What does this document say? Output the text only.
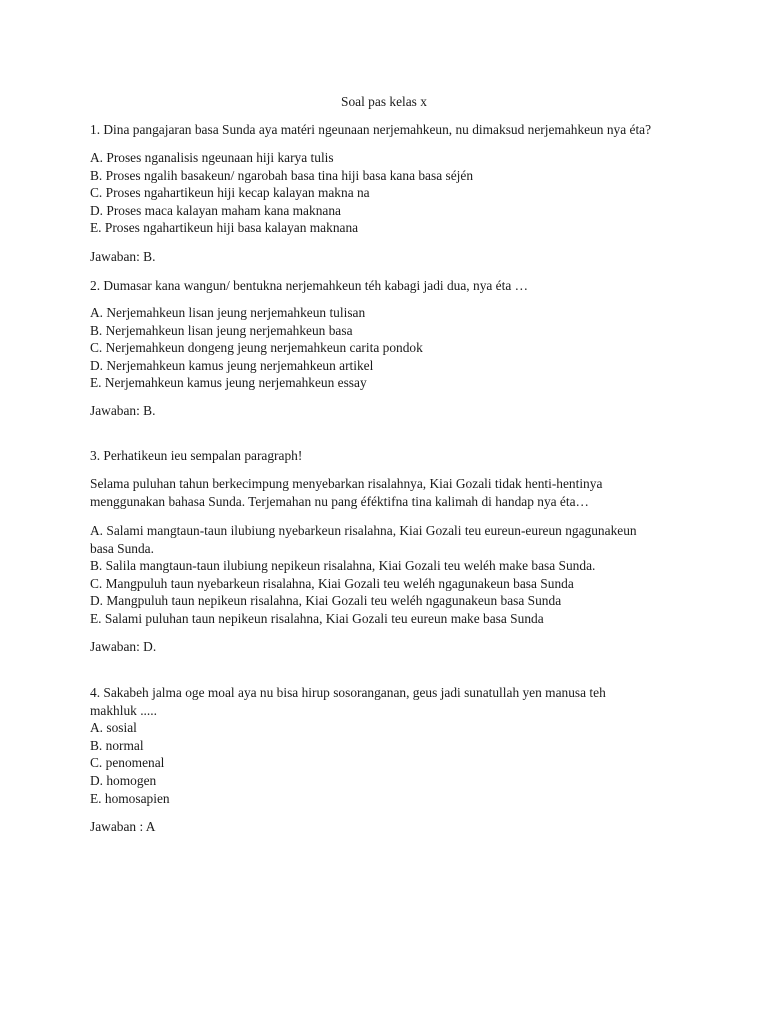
Soal pas kelas x
1. Dina pangajaran basa Sunda aya matéri ngeunaan nerjemahkeun, nu dimaksud nerjemahkeun nya éta?
A. Proses nganalisis ngeunaan hiji karya tulis
B. Proses ngalih basakeun/ ngarobah basa tina hiji basa kana basa séjén
C. Proses ngahartikeun hiji kecap kalayan makna na
D. Proses maca kalayan maham kana maknana
E. Proses ngahartikeun hiji basa kalayan maknana
Jawaban: B.
2. Dumasar kana wangun/ bentukna nerjemahkeun téh kabagi jadi dua, nya éta …
A. Nerjemahkeun lisan jeung nerjemahkeun tulisan
B. Nerjemahkeun lisan jeung nerjemahkeun basa
C. Nerjemahkeun dongeng jeung nerjemahkeun carita pondok
D. Nerjemahkeun kamus jeung nerjemahkeun artikel
E. Nerjemahkeun kamus jeung nerjemahkeun essay
Jawaban: B.
3. Perhatikeun ieu sempalan paragraph!
Selama puluhan tahun berkecimpung menyebarkan risalahnya, Kiai Gozali tidak henti-hentinya
menggunakan bahasa Sunda. Terjemahan nu pang éféktifna tina kalimah di handap nya éta…
A. Salami mangtaun-taun ilubiung nyebarkeun risalahna, Kiai Gozali teu eureun-eureun ngagunakeun
basa Sunda.
B. Salila mangtaun-taun ilubiung nepikeun risalahna, Kiai Gozali teu weléh make basa Sunda.
C. Mangpuluh taun nyebarkeun risalahna, Kiai Gozali teu weléh ngagunakeun basa Sunda
D. Mangpuluh taun nepikeun risalahna, Kiai Gozali teu weléh ngagunakeun basa Sunda
E. Salami puluhan taun nepikeun risalahna, Kiai Gozali teu eureun make basa Sunda
Jawaban: D.
4. Sakabeh jalma oge moal aya nu bisa hirup sosoranganan, geus jadi sunatullah yen manusa teh
makhluk .....
A. sosial
B. normal
C. penomenal
D. homogen
E. homosapien
Jawaban : A
